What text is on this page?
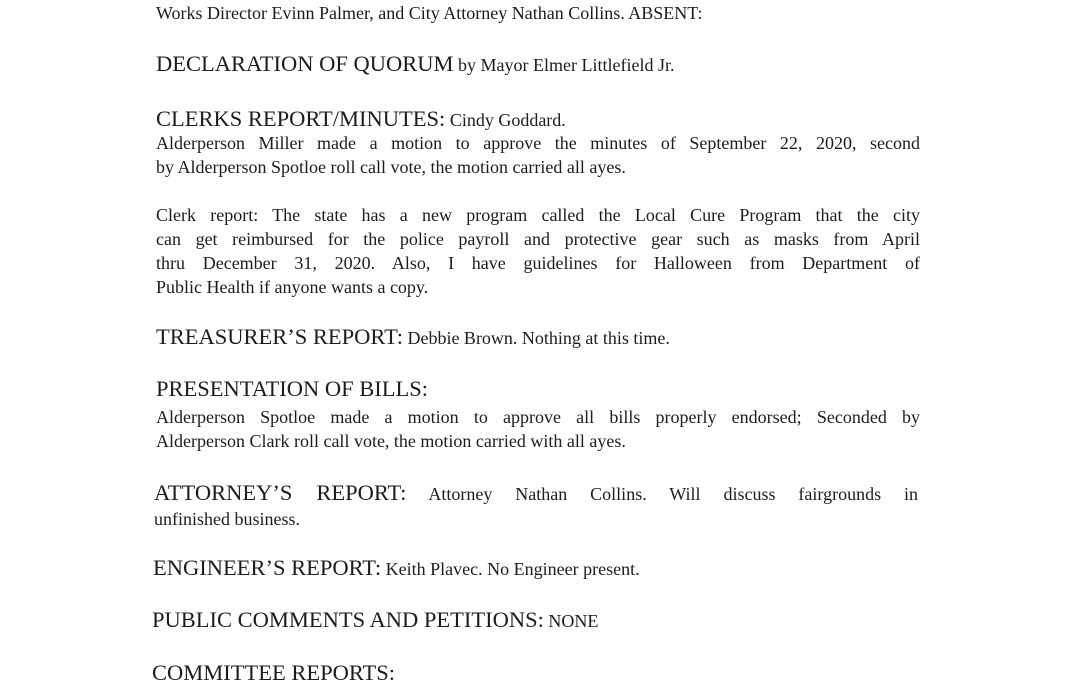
Works Director Evinn Palmer, and City Attorney Nathan Collins. ABSENT:
DECLARATION OF QUORUM by Mayor Elmer Littlefield Jr.
CLERKS REPORT/MINUTES: Cindy Goddard.
Alderperson Miller made a motion to approve the minutes of September 22, 2020, second
by Alderperson Spotloe roll call vote, the motion carried all ayes.
Clerk report: The state has a new program called the Local Cure Program that the city
can get reimbursed for the police payroll and protective gear such as masks from April
thru December 31, 2020. Also, I have guidelines for Halloween from Department of
Public Health if anyone wants a copy.
TREASURER’S REPORT: Debbie Brown. Nothing at this time.
PRESENTATION OF BILLS:
Alderperson Spotloe made a motion to approve all bills properly endorsed; Seconded by
Alderperson Clark roll call vote, the motion carried with all ayes.
ATTORNEY’S REPORT: Attorney Nathan Collins. Will discuss fairgrounds in
unfinished business.
ENGINEER’S REPORT: Keith Plavec. No Engineer present.
PUBLIC COMMENTS AND PETITIONS: NONE
COMMITTEE REPORTS:
